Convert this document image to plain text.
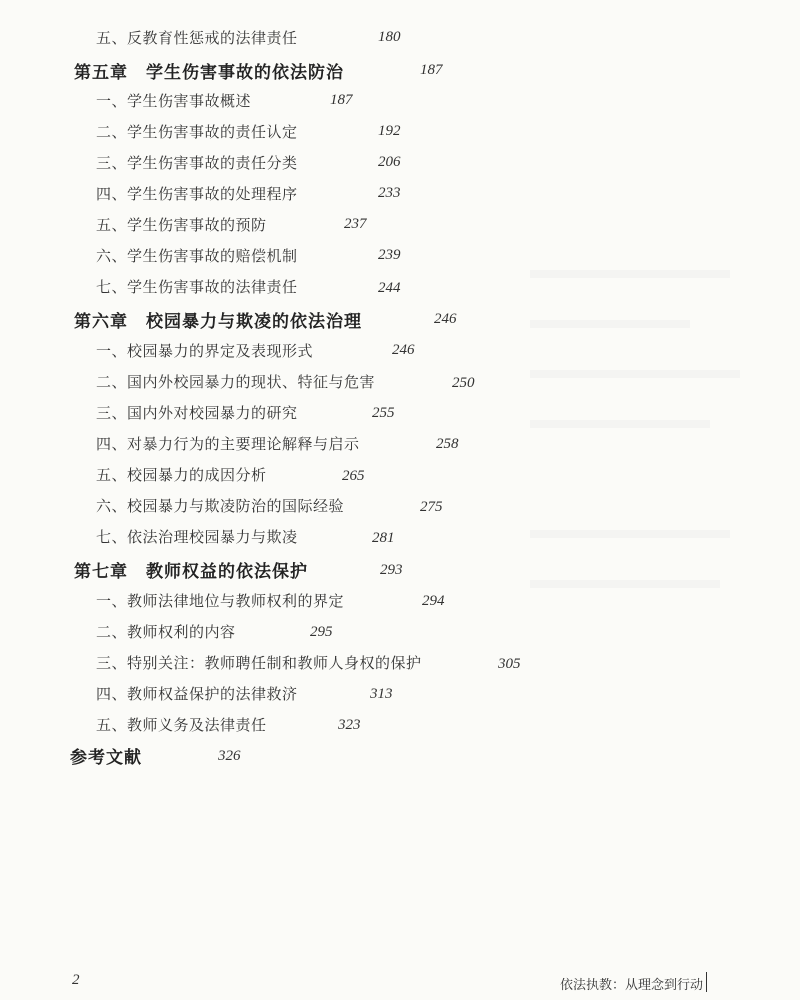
五、反教育性惩戒的法律责任	180
第五章　学生伤害事故的依法防治	187
一、学生伤害事故概述	187
二、学生伤害事故的责任认定	192
三、学生伤害事故的责任分类	206
四、学生伤害事故的处理程序	233
五、学生伤害事故的预防	237
六、学生伤害事故的赔偿机制	239
七、学生伤害事故的法律责任	244
第六章　校园暴力与欺凌的依法治理	246
一、校园暴力的界定及表现形式	246
二、国内外校园暴力的现状、特征与危害	250
三、国内外对校园暴力的研究	255
四、对暴力行为的主要理论解释与启示	258
五、校园暴力的成因分析	265
六、校园暴力与欺凌防治的国际经验	275
七、依法治理校园暴力与欺凌	281
第七章　教师权益的依法保护	293
一、教师法律地位与教师权利的界定	294
二、教师权利的内容	295
三、特别关注：教师聘任制和教师人身权的保护	305
四、教师权益保护的法律救济	313
五、教师义务及法律责任	323
参考文献	326
2	依法执教：从理念到行动
